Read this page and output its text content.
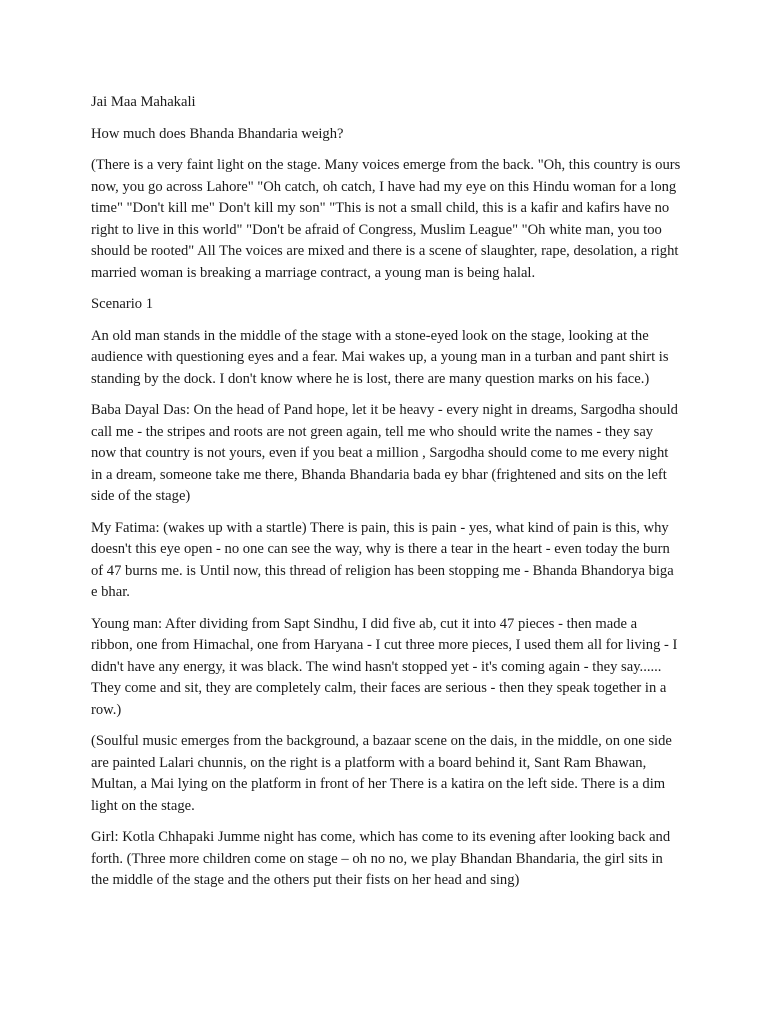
Jai Maa Mahakali

How much does Bhanda Bhandaria weigh?

(There is a very faint light on the stage. Many voices emerge from the back. "Oh, this country is ours now, you go across Lahore" "Oh catch, oh catch, I have had my eye on this Hindu woman for a long time" "Don't kill me" Don't kill my son" "This is not a small child, this is a kafir and kafirs have no right to live in this world" "Don't be afraid of Congress, Muslim League" "Oh white man, you too should be rooted" All The voices are mixed and there is a scene of slaughter, rape, desolation, a right married woman is breaking a marriage contract, a young man is being halal.

Scenario 1

An old man stands in the middle of the stage with a stone-eyed look on the stage, looking at the audience with questioning eyes and a fear. Mai wakes up, a young man in a turban and pant shirt is standing by the dock. I don't know where he is lost, there are many question marks on his face.)

Baba Dayal Das: On the head of Pand hope, let it be heavy - every night in dreams, Sargodha should call me - the stripes and roots are not green again, tell me who should write the names - they say now that country is not yours, even if you beat a million , Sargodha should come to me every night in a dream, someone take me there, Bhanda Bhandaria bada ey bhar (frightened and sits on the left side of the stage)

My Fatima: (wakes up with a startle) There is pain, this is pain - yes, what kind of pain is this, why doesn't this eye open - no one can see the way, why is there a tear in the heart - even today the burn of 47 burns me. is Until now, this thread of religion has been stopping me - Bhanda Bhandorya biga e bhar.

Young man: After dividing from Sapt Sindhu, I did five ab, cut it into 47 pieces - then made a ribbon, one from Himachal, one from Haryana - I cut three more pieces, I used them all for living - I didn't have any energy, it was black. The wind hasn't stopped yet - it's coming again - they say...... They come and sit, they are completely calm, their faces are serious - then they speak together in a row.)

(Soulful music emerges from the background, a bazaar scene on the dais, in the middle, on one side are painted Lalari chunnis, on the right is a platform with a board behind it, Sant Ram Bhawan, Multan, a Mai lying on the platform in front of her There is a katira on the left side. There is a dim light on the stage.

Girl: Kotla Chhapaki Jumme night has come, which has come to its evening after looking back and forth. (Three more children come on stage – oh no no, we play Bhandan Bhandaria, the girl sits in the middle of the stage and the others put their fists on her head and sing)
